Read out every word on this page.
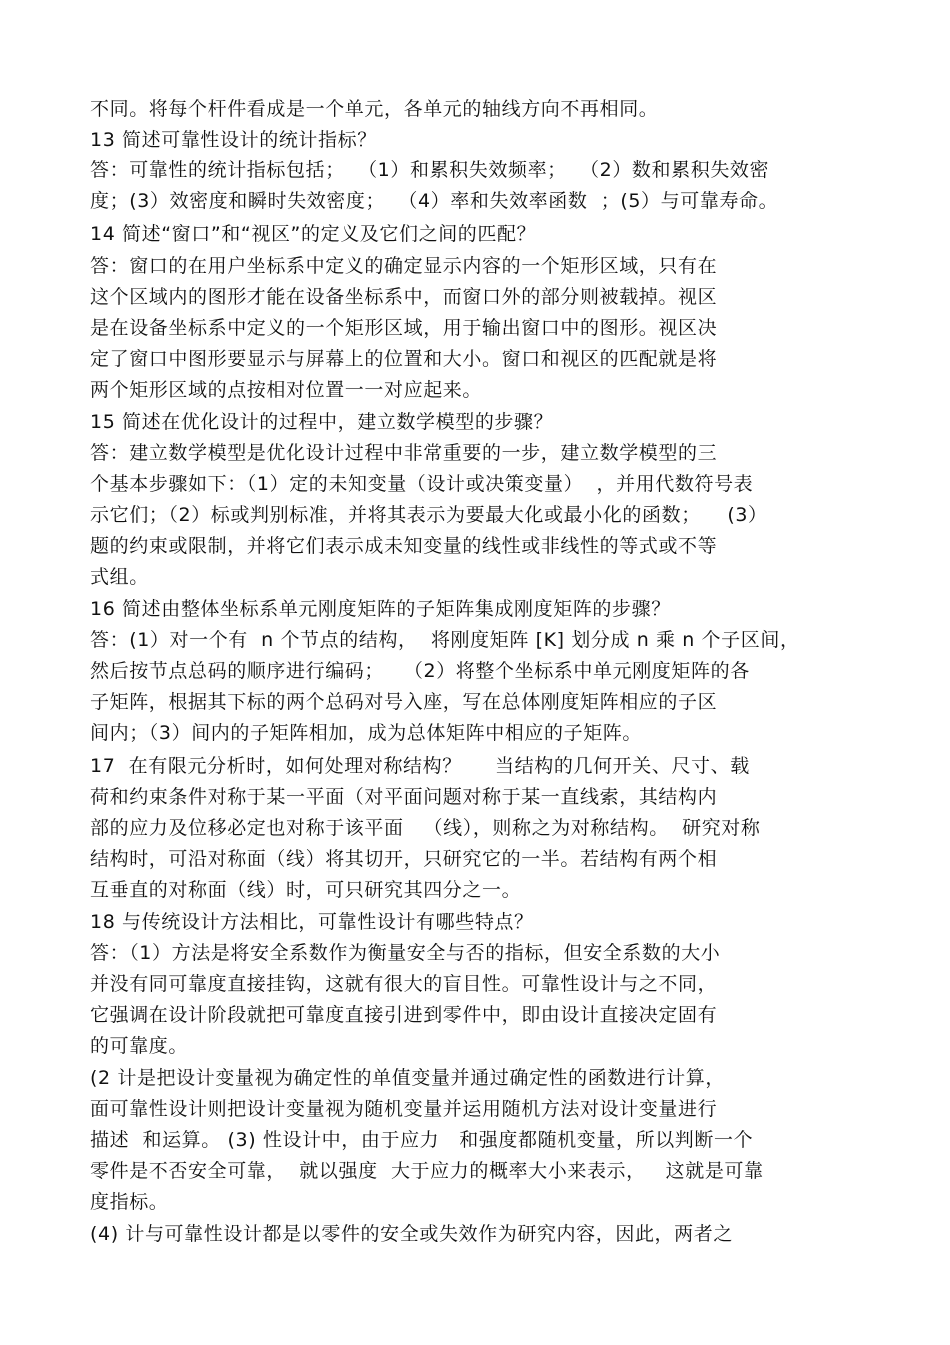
不同。将每个杆件看成是一个单元，各单元的轴线方向不再相同。
13 简述可靠性设计的统计指标？
答：可靠性的统计指标包括；  （1）和累积失效频率；  （2）数和累积失效密
度；(3）效密度和瞬时失效密度；  （4）率和失效率函数  ；(5）与可靠寿命。
14 简述“窗口”和“视区”的定义及它们之间的匹配？
答：窗口的在用户坐标系中定义的确定显示内容的一个矩形区域，只有在
这个区域内的图形才能在设备坐标系中，而窗口外的部分则被载掉。视区
是在设备坐标系中定义的一个矩形区域，用于输出窗口中的图形。视区决
定了窗口中图形要显示与屏幕上的位置和大小。窗口和视区的匹配就是将
两个矩形区域的点按相对位置一一对应起来。
15 简述在优化设计的过程中，建立数学模型的步骤？
答：建立数学模型是优化设计过程中非常重要的一步，建立数学模型的三
个基本步骤如下：（1）定的未知变量（设计或决策变量）  ，并用代数符号表
示它们；（2）标或判别标准，并将其表示为要最大化或最小化的函数；    (3）
题的约束或限制，并将它们表示成未知变量的线性或非线性的等式或不等
式组。
16 简述由整体坐标系单元刚度矩阵的子矩阵集成刚度矩阵的步骤？
答：(1）对一个有  n 个节点的结构，  将刚度矩阵 [K] 划分成 n 乘 n 个子区间，
然后按节点总码的顺序进行编码；   （2）将整个坐标系中单元刚度矩阵的各
子矩阵，根据其下标的两个总码对号入座，写在总体刚度矩阵相应的子区
间内；（3）间内的子矩阵相加，成为总体矩阵中相应的子矩阵。
17  在有限元分析时，如何处理对称结构？     当结构的几何开关、尺寸、载
荷和约束条件对称于某一平面（对平面问题对称于某一直线索，其结构内
部的应力及位移必定也对称于该平面   （线），则称之为对称结构。  研究对称
结构时，可沿对称面（线）将其切开，只研究它的一半。若结构有两个相
互垂直的对称面（线）时，可只研究其四分之一。
18 与传统设计方法相比，可靠性设计有哪些特点？
答：（1）方法是将安全系数作为衡量安全与否的指标，但安全系数的大小
并没有同可靠度直接挂钩，这就有很大的盲目性。可靠性设计与之不同，
它强调在设计阶段就把可靠度直接引进到零件中，即由设计直接决定固有
的可靠度。
(2 计是把设计变量视为确定性的单值变量并通过确定性的函数进行计算，
面可靠性设计则把设计变量视为随机变量并运用随机方法对设计变量进行
描述  和运算。 (3) 性设计中，由于应力   和强度都随机变量，所以判断一个
零件是不否安全可靠，  就以强度  大于应力的概率大小来表示，   这就是可靠
度指标。
(4) 计与可靠性设计都是以零件的安全或失效作为研究内容，因此，两者之
